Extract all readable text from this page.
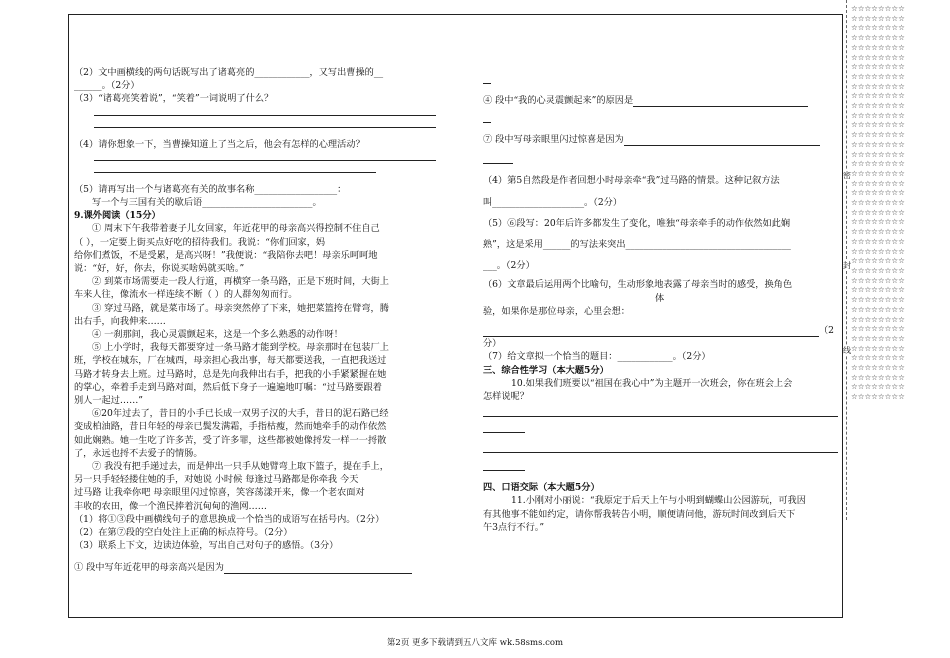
（2）文中画横线的两句话既写出了诸葛亮的____________，又写出曹操的__
______。（2分）
（3）“诸葛亮笑着说”，“笑着”一词说明了什么？
（4）请你想象一下，当曹操知道上了当之后，他会有怎样的心理活动？
（5）请再写出一个与诸葛亮有关的故事名称__________________：
写一个与三国有关的歇后语________________________。
9.课外阅读（15分）
① 周末下午我带着妻子儿女回家，年近花甲的母亲高兴得控制不住自己
（ ），一定要上街买点好吃的招待我们。我说：“你们回家，妈
给你们煮饭，不是受累，是高兴呀！”我便说：“我陪你去吧！母亲乐呵呵地
说：“好，好，你去，你说买啥妈就买啥。”
② 到菜市场需要走一段人行道，再横穿一条马路，正是下班时间，大街上
车来人往，像流水一样连续不断（ ）的人群匆匆而行。
③ 穿过马路，就是菜市场了。母亲突然停了下来，她把菜篮挎在臂弯，腾
出右手，向我伸来……
④ 一刹那间，我心灵震颤起来，这是一个多么熟悉的动作呀！
⑤ 上小学时，我每天都要穿过一条马路才能到学校。母亲那时在包装厂上
班，学校在城东，厂在城西，母亲担心我出事，每天都要送我，一直把我送过
马路才转身去上班。过马路时，总是先向我伸出右手，把我的小手紧紧握在她
的掌心，牵着手走到马路对面，然后低下身子一遍遍地叮嘱：“过马路要跟着
别人一起过……”
⑥20年过去了，昔日的小手已长成一双男子汉的大手，昔日的泥石路已经
变成柏油路，昔日年轻的母亲已鬓发满霜，手指枯瘦，然而她牵手的动作依然
如此娴熟。她一生吃了许多苦，受了许多罪，这些都被她像捋发一样一一捋散
了，永远也捋不去爱子的情肠。
⑦ 我没有把手递过去，而是伸出一只手从她臂弯上取下篮子，提在手上，
另一只手轻轻搂住她的手，对她说 小时候 每逢过马路都是你牵我 今天
过马路 让我牵你吧 母亲眼里闪过惊喜，笑容荡漾开来，像一个老农面对
丰收的农田，像一个渔民捧着沉甸甸的渔网……
（1）将①③段中画横线句子的意思换成一个恰当的成语写在括号内。（2分）
（2）在第⑦段的空白处注上正确的标点符号。（2分）
（3）联系上下文，边读边体验，写出自己对句子的感悟。（3分）
① 段中写年近花甲的母亲高兴是因为
④ 段中“我的心灵震颤起来”的原因是
⑦ 段中写母亲眼里闪过惊喜是因为
（4）第5自然段是作者回想小时母亲牵“我”过马路的情景。这种记叙方法
叫____________________。（2分）
（5）⑥段写：20年后许多都发生了变化，唯独“母亲牵手的动作依然如此娴
熟”，这是采用______的写法来突出____________________________________
___。（2分）
（6）文章最后运用两个比喻句，生动形象地表露了母亲当时的感受，换角色
体
验，如果你是那位母亲，心里会想：
（2
分）
（7）给文章拟一个恰当的题目：____________。（2分）
三、综合性学习（本大题5分）
10.如果我们班要以“祖国在我心中”为主题开一次班会，你在班会上会
怎样说呢？
四、口语交际（本大题5分）
11.小刚对小丽说：“我原定于后天上午与小明到蝴蝶山公园游玩，可我因
有其他事不能如约定，请你帮我转告小明，顺便请问他，游玩时间改到后天下
午3点行不行。”
密
封
线
☆☆☆☆☆☆☆☆
☆☆☆☆☆☆☆☆
☆☆☆☆☆☆☆☆
☆☆☆☆☆☆☆☆
☆☆☆☆☆☆☆☆
☆☆☆☆☆☆☆☆
☆☆☆☆☆☆☆☆
☆☆☆☆☆☆☆☆
☆☆☆☆☆☆☆☆
☆☆☆☆☆☆☆☆
☆☆☆☆☆☆☆☆
☆☆☆☆☆☆☆☆
☆☆☆☆☆☆☆☆
☆☆☆☆☆☆☆☆
☆☆☆☆☆☆☆☆
☆☆☆☆☆☆☆☆
☆☆☆☆☆☆☆☆
☆☆☆☆☆☆☆☆
☆☆☆☆☆☆☆☆
☆☆☆☆☆☆☆☆
☆☆☆☆☆☆☆☆
☆☆☆☆☆☆☆☆
☆☆☆☆☆☆☆☆
☆☆☆☆☆☆☆☆
☆☆☆☆☆☆☆☆
☆☆☆☆☆☆☆☆
☆☆☆☆☆☆☆☆
☆☆☆☆☆☆☆☆
☆☆☆☆☆☆☆☆
☆☆☆☆☆☆☆☆
☆☆☆☆☆☆☆☆
☆☆☆☆☆☆☆☆
☆☆☆☆☆☆☆☆
☆☆☆☆☆☆☆☆
☆☆☆☆☆☆☆☆
☆☆☆☆☆☆☆☆
☆☆☆☆☆☆☆☆
☆☆☆☆☆☆☆☆
☆☆☆☆☆☆☆☆
☆☆☆☆☆☆☆☆
☆☆☆☆☆☆☆☆
第2页 更多下载请到五八文库 wk.58sms.com
